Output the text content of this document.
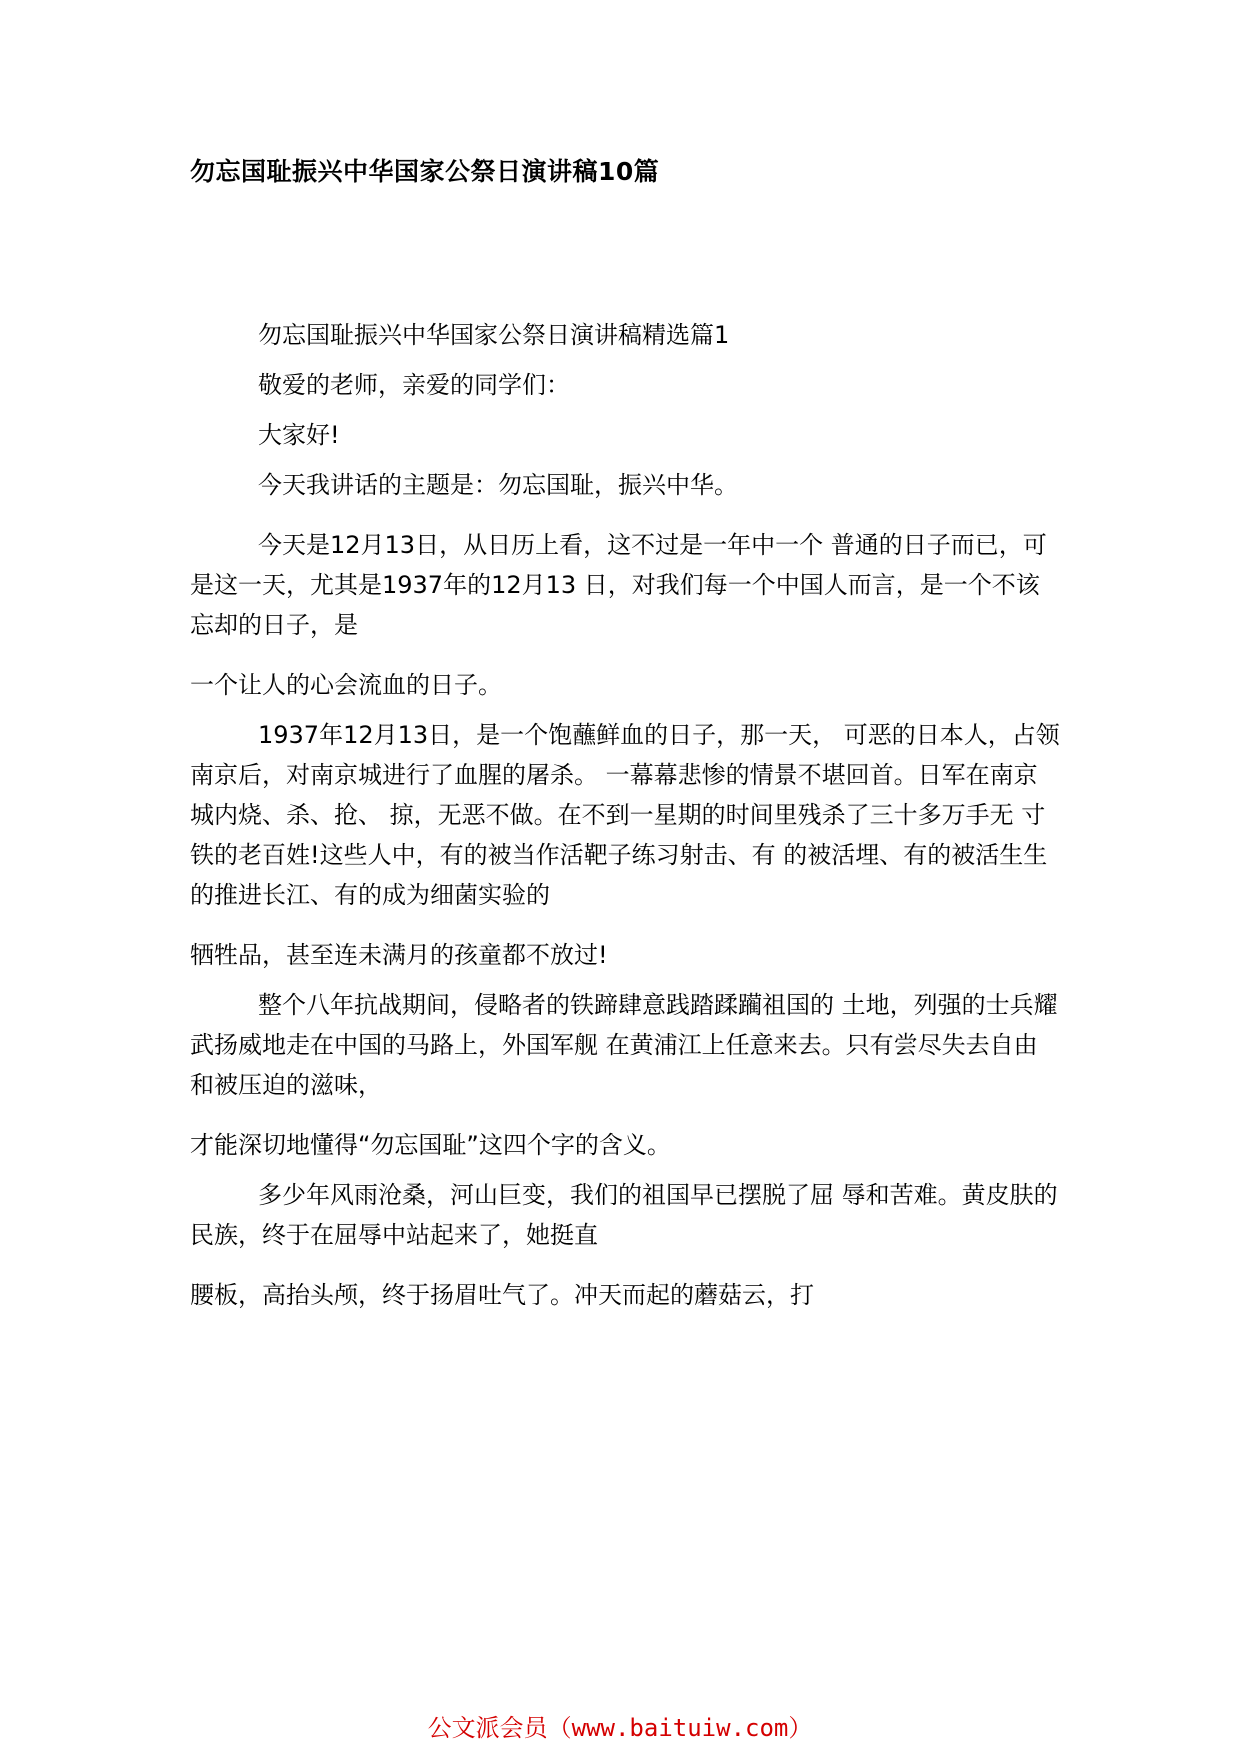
勿忘国耻振兴中华国家公祭日演讲稿10篇

勿忘国耻振兴中华国家公祭日演讲稿精选篇1

敬爱的老师，亲爱的同学们：

大家好!

今天我讲话的主题是：勿忘国耻，振兴中华。

今天是12月13日，从日历上看，这不过是一年中一个 普通的日子而已，可是这一天，尤其是1937年的12月13 日，对我们每一个中国人而言，是一个不该忘却的日子，是

一个让人的心会流血的日子。

1937年12月13日，是一个饱蘸鲜血的日子，那一天， 可恶的日本人，占领南京后，对南京城进行了血腥的屠杀。 一幕幕悲惨的情景不堪回首。日军在南京城内烧、杀、抢、 掠，无恶不做。在不到一星期的时间里残杀了三十多万手无 寸铁的老百姓!这些人中，有的被当作活靶子练习射击、有 的被活埋、有的被活生生的推进长江、有的成为细菌实验的

牺牲品，甚至连未满月的孩童都不放过!

整个八年抗战期间，侵略者的铁蹄肆意践踏蹂躏祖国的 土地，列强的士兵耀武扬威地走在中国的马路上，外国军舰 在黄浦江上任意来去。只有尝尽失去自由和被压迫的滋味，

才能深切地懂得“勿忘国耻”这四个字的含义。

多少年风雨沧桑，河山巨变，我们的祖国早已摆脱了屈 辱和苦难。黄皮肤的民族，终于在屈辱中站起来了，她挺直

腰板，高抬头颅，终于扬眉吐气了。冲天而起的蘑菇云，打

公文派会员（www.baituiw.com）
